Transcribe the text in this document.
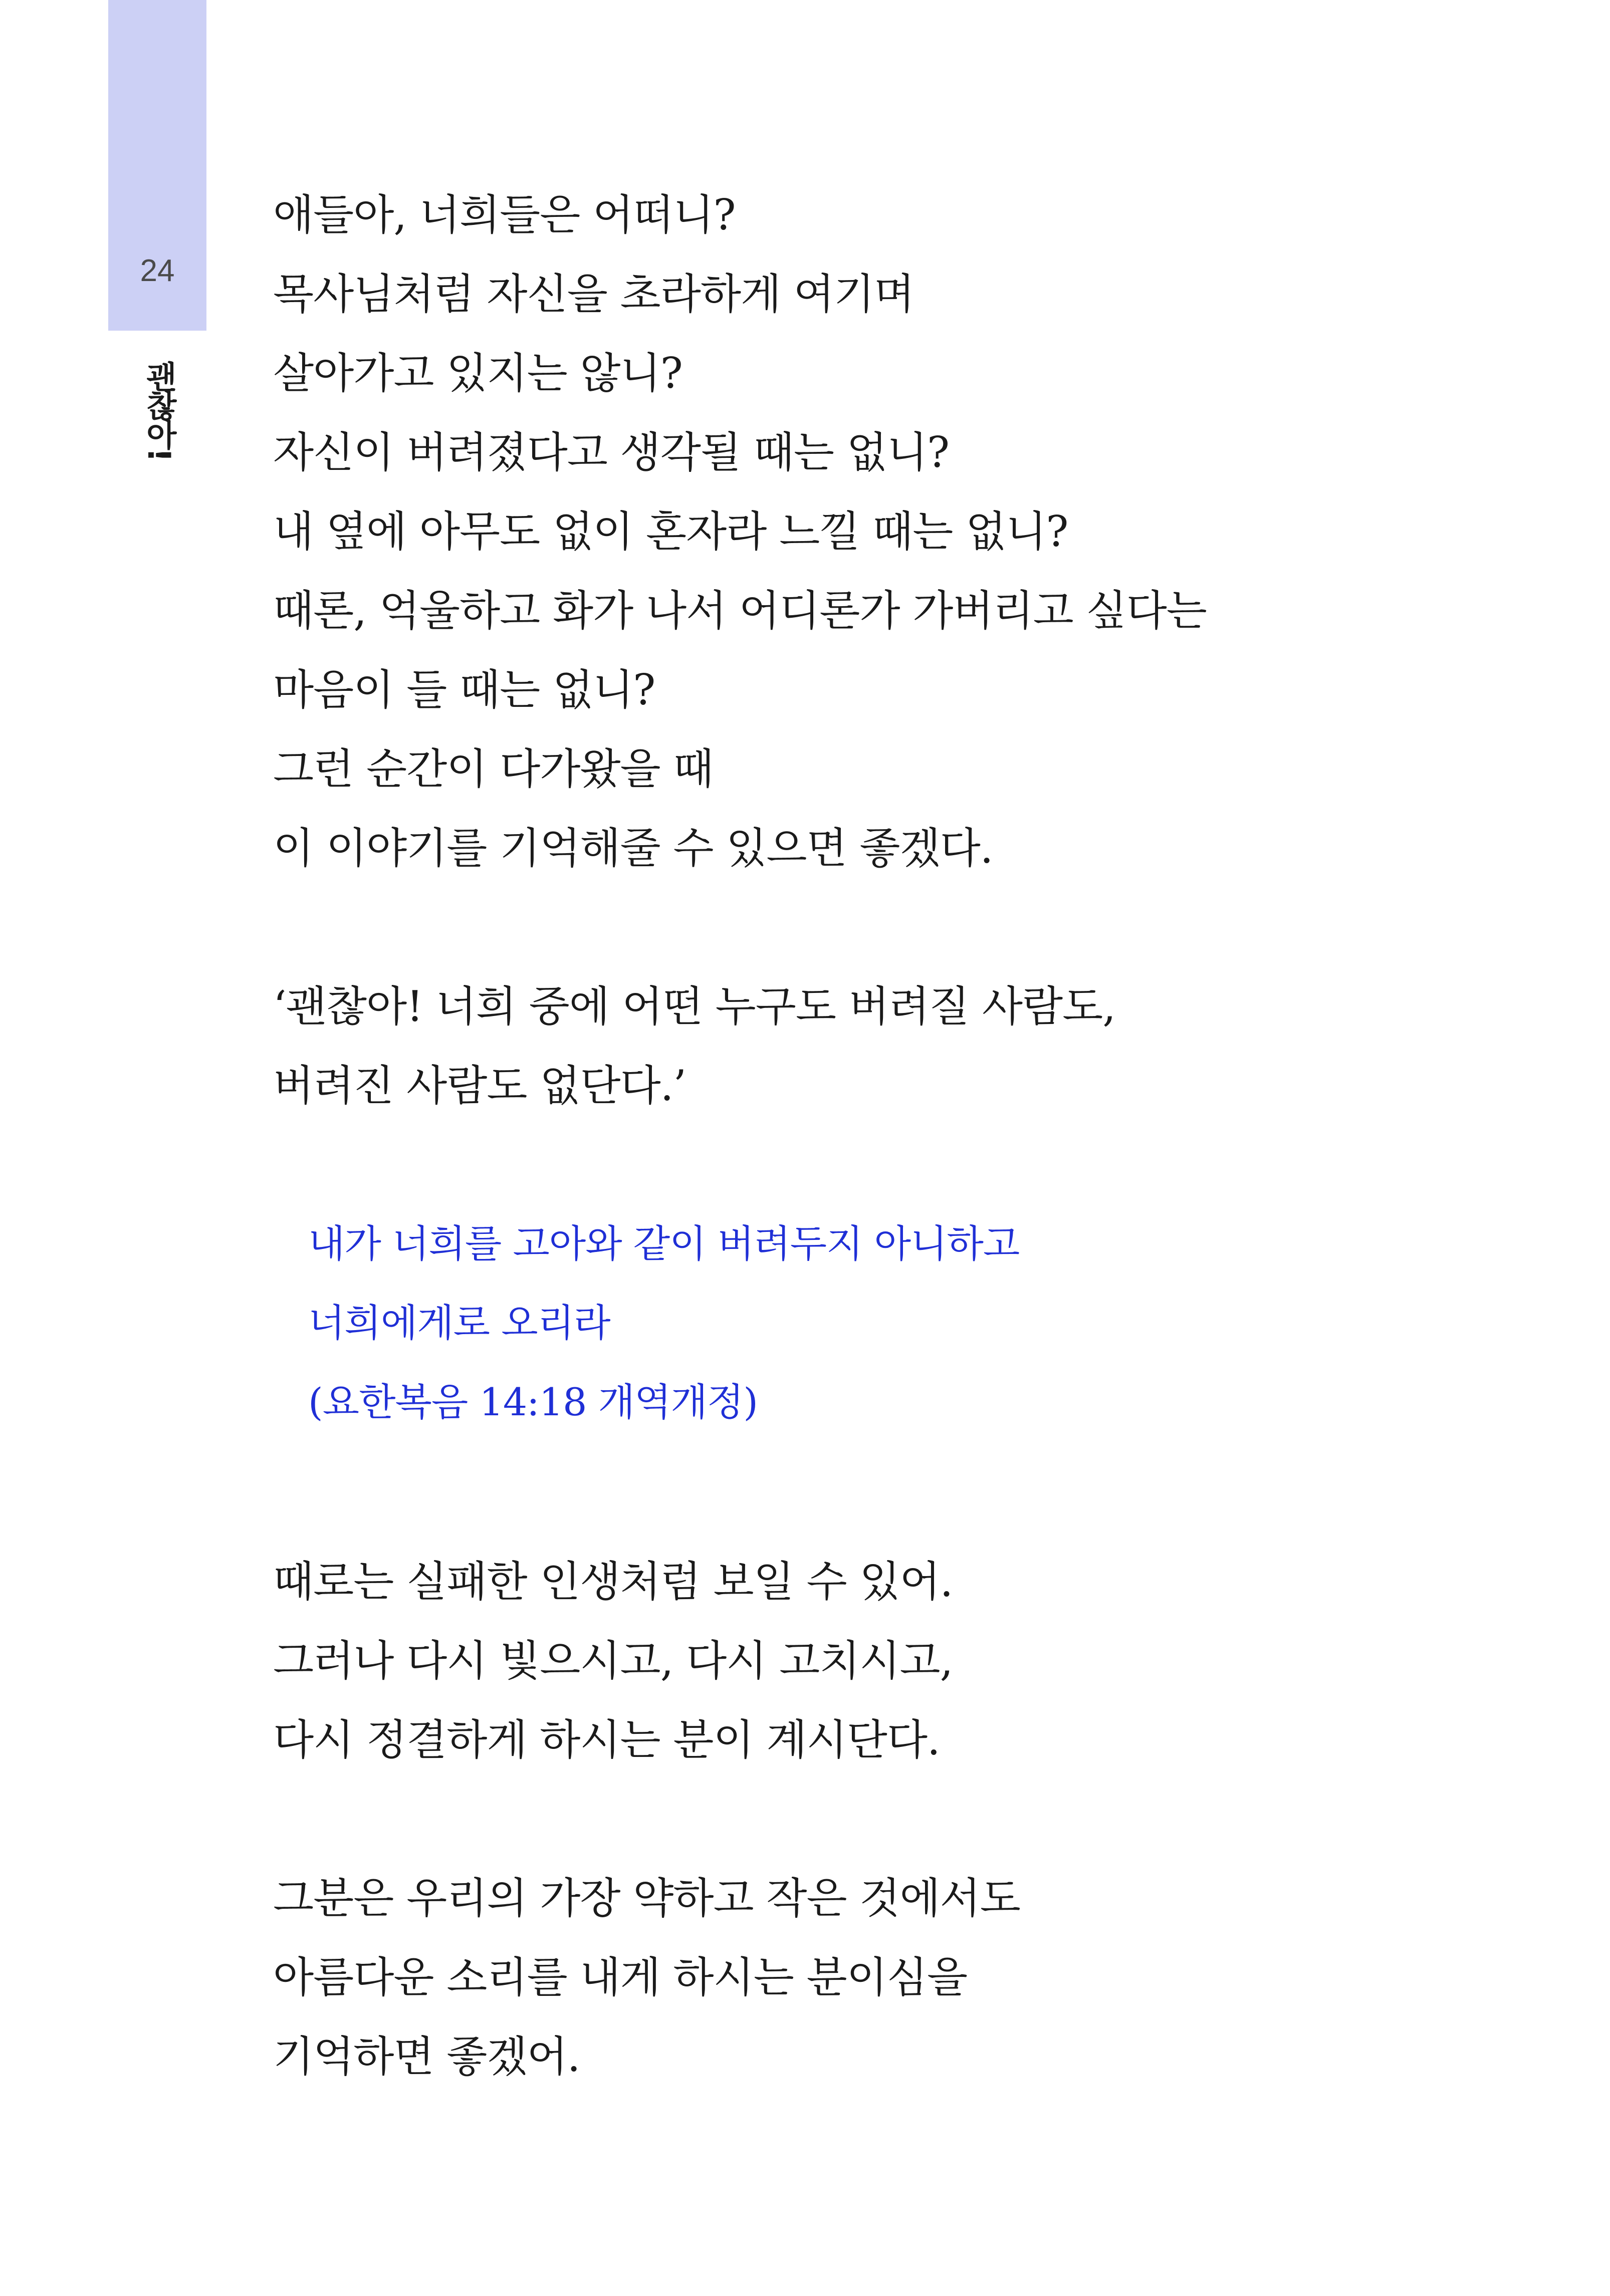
24
괜찮아!
애들아, 너희들은 어떠니?
목사님처럼 자신을 초라하게 여기며
살아가고 있지는 않니?
자신이 버려졌다고 생각될 때는 없니?
내 옆에 아무도 없이 혼자라 느낄 때는 없니?
때론, 억울하고 화가 나서 어디론가 가버리고 싶다는
마음이 들 때는 없니?
그런 순간이 다가왔을 때
이 이야기를 기억해줄 수 있으면 좋겠다.
‘괜찮아! 너희 중에 어떤 누구도 버려질 사람도,
버려진 사람도 없단다.’
내가 너희를 고아와 같이 버려두지 아니하고
너희에게로 오리라
(요한복음 14:18 개역개정)
때로는 실패한 인생처럼 보일 수 있어.
그러나 다시 빛으시고, 다시 고치시고,
다시 정결하게 하시는 분이 계시단다.
그분은 우리의 가장 약하고 작은 것에서도
아름다운 소리를 내게 하시는 분이심을
기억하면 좋겠어.
